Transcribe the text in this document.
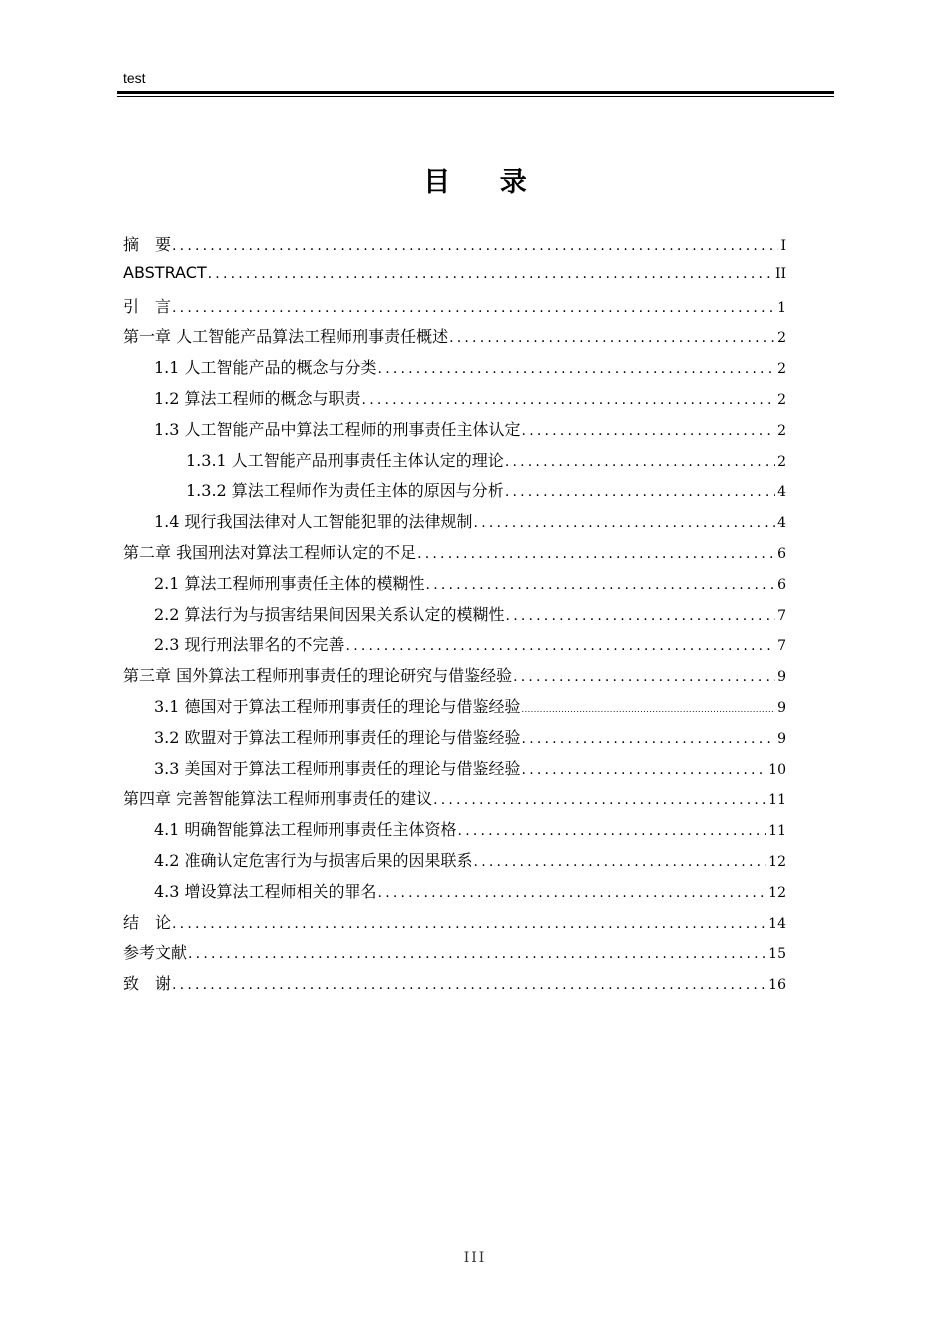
test
目 录
摘　要 .....	I
ABSTRACT .....	II
引　言 .....	1
第一章 人工智能产品算法工程师刑事责任概述 .....	2
1.1 人工智能产品的概念与分类 .....	2
1.2 算法工程师的概念与职责 .....	2
1.3 人工智能产品中算法工程师的刑事责任主体认定 .....	2
1.3.1 人工智能产品刑事责任主体认定的理论 .....	2
1.3.2 算法工程师作为责任主体的原因与分析 .....	4
1.4 现行我国法律对人工智能犯罪的法律规制 .....	4
第二章 我国刑法对算法工程师认定的不足 .....	6
2.1 算法工程师刑事责任主体的模糊性 .....	6
2.2 算法行为与损害结果间因果关系认定的模糊性 .....	7
2.3 现行刑法罪名的不完善 .....	7
第三章 国外算法工程师刑事责任的理论研究与借鉴经验 .....	9
3.1 德国对于算法工程师刑事责任的理论与借鉴经验 .....	9
3.2 欧盟对于算法工程师刑事责任的理论与借鉴经验 .....	9
3.3 美国对于算法工程师刑事责任的理论与借鉴经验 .....	10
第四章 完善智能算法工程师刑事责任的建议 .....	11
4.1 明确智能算法工程师刑事责任主体资格 .....	11
4.2 准确认定危害行为与损害后果的因果联系 .....	12
4.3 增设算法工程师相关的罪名 .....	12
结　论 .....	14
参考文献 .....	15
致　谢 .....	16
III
